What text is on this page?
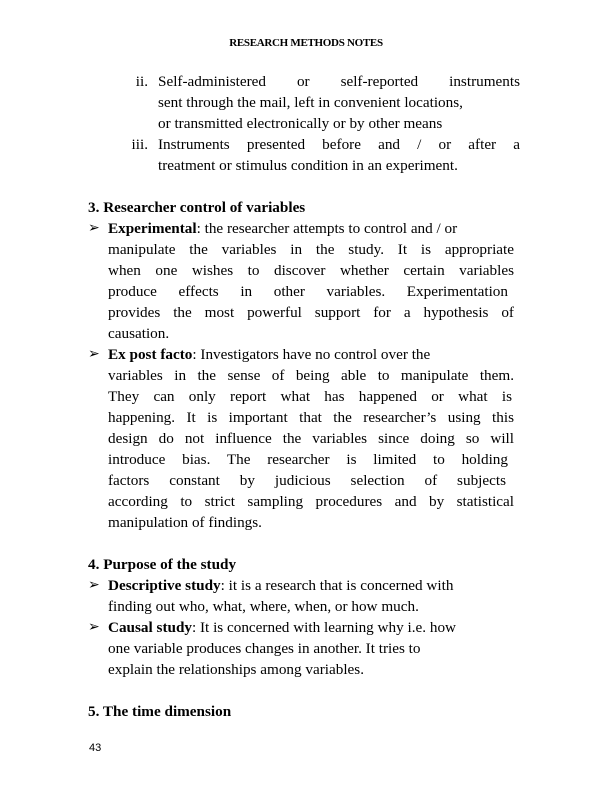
RESEARCH METHODS NOTES
ii. Self-administered or self-reported instruments
sent through the mail, left in convenient locations,
or transmitted electronically or by other means
iii. Instruments presented before and / or after a
treatment or stimulus condition in an experiment.
3. Researcher control of variables
➢ Experimental: the researcher attempts to control and / or
manipulate the variables in the study. It is appropriate
when one wishes to discover whether certain variables
produce effects in other variables. Experimentation
provides the most powerful support for a hypothesis of
causation.
➢ Ex post facto: Investigators have no control over the
variables in the sense of being able to manipulate them.
They can only report what has happened or what is
happening. It is important that the researcher’s using this
design do not influence the variables since doing so will
introduce bias. The researcher is limited to holding
factors constant by judicious selection of subjects
according to strict sampling procedures and by statistical
manipulation of findings.
4. Purpose of the study
➢ Descriptive study: it is a research that is concerned with
finding out who, what, where, when, or how much.
➢ Causal study: It is concerned with learning why i.e. how
one variable produces changes in another. It tries to
explain the relationships among variables.
5. The time dimension
43
